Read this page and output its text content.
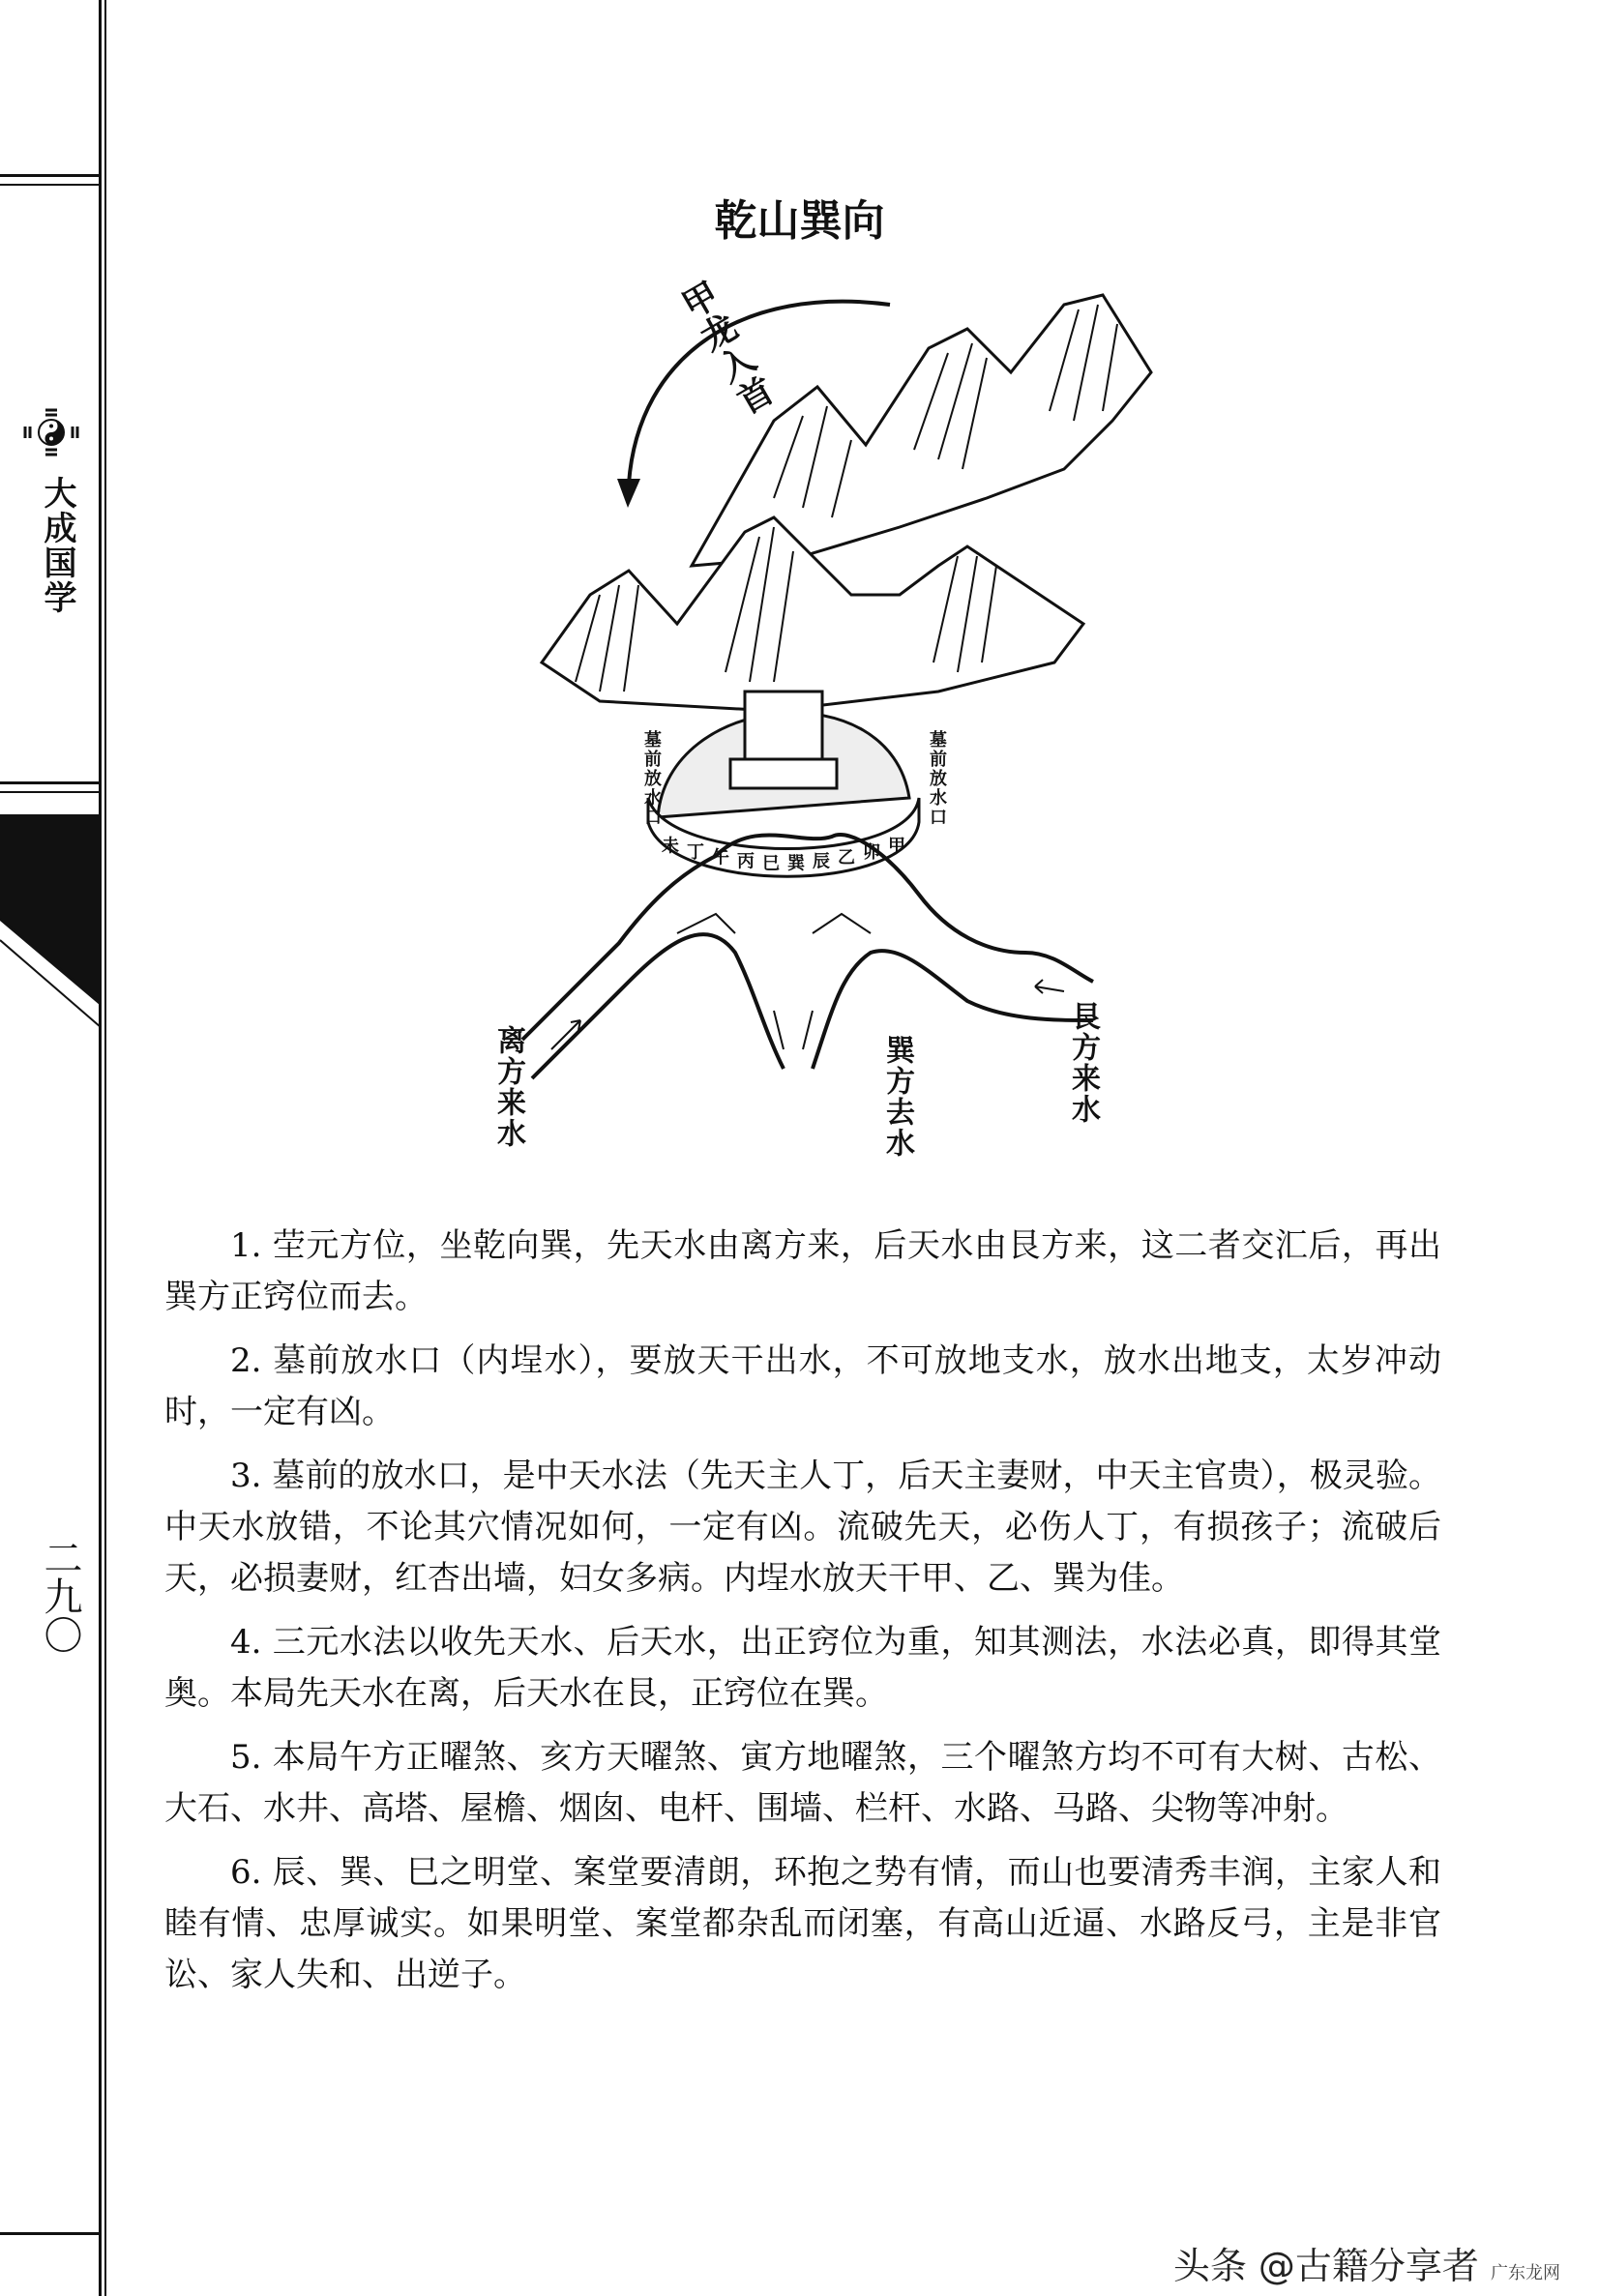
大成国学
二九〇
乾山巽向
未 丁 午 丙 巳 巽 辰 乙 卯 甲
甲龙入首
墓前放水口	墓前放水口
离方来水	巽方去水	艮方来水

1. 茔元方位，坐乾向巽，先天水由离方来，后天水由艮方来，这二者交汇后，再出巽方正窍位而去。

2. 墓前放水口（内埕水），要放天干出水，不可放地支水，放水出地支，太岁冲动时，一定有凶。

3. 墓前的放水口，是中天水法（先天主人丁，后天主妻财，中天主官贵），极灵验。中天水放错，不论其穴情况如何，一定有凶。流破先天，必伤人丁，有损孩子；流破后天，必损妻财，红杏出墙，妇女多病。内埕水放天干甲、乙、巽为佳。

4. 三元水法以收先天水、后天水，出正窍位为重，知其测法，水法必真，即得其堂奥。本局先天水在离，后天水在艮，正窍位在巽。

5. 本局午方正曜煞、亥方天曜煞、寅方地曜煞，三个曜煞方均不可有大树、古松、大石、水井、高塔、屋檐、烟囱、电杆、围墙、栏杆、水路、马路、尖物等冲射。

6. 辰、巽、巳之明堂、案堂要清朗，环抱之势有情，而山也要清秀丰润，主家人和睦有情、忠厚诚实。如果明堂、案堂都杂乱而闭塞，有高山近逼、水路反弓，主是非官讼、家人失和、出逆子。

头条 @古籍分享者 广东龙网
